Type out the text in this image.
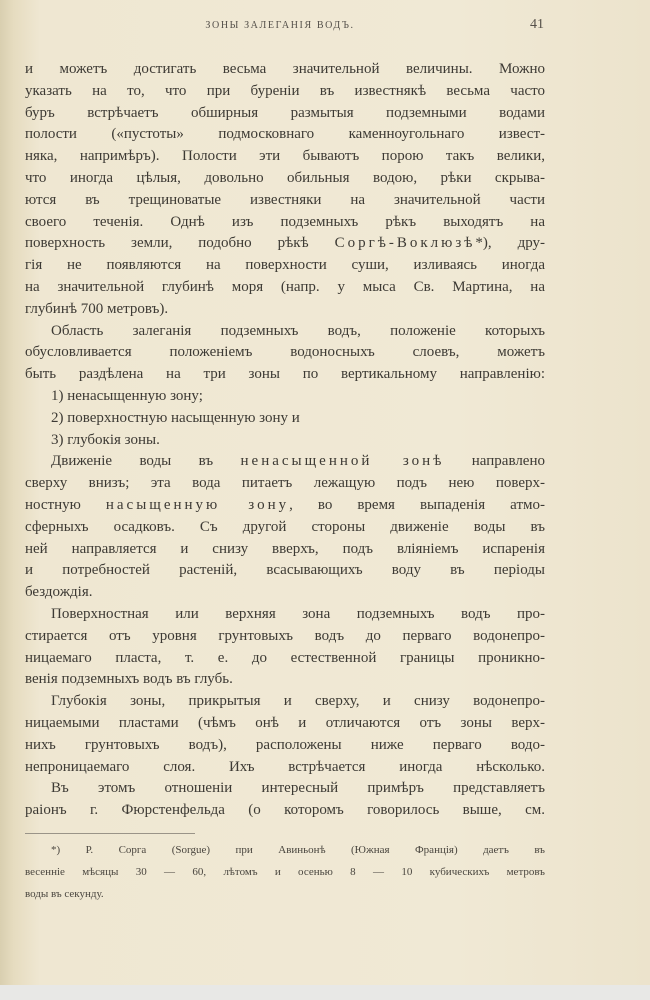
ЗОНЫ ЗАЛЕГАНІЯ ВОДЪ.	41
и можетъ достигать весьма значительной величины. Можно
указать на то, что при буреніи въ известнякѣ весьма часто
буръ встрѣчаетъ обширныя размытыя подземными водами
полости («пустоты» подмосковнаго каменноугольнаго извест-
няка, напримѣръ). Полости эти бываютъ порою такъ велики,
что иногда цѣлыя, довольно обильныя водою, рѣки скрыва-
ются въ трещиноватые известняки на значительной части
своего теченія. Однѣ изъ подземныхъ рѣкъ выходятъ на
поверхность земли, подобно рѣкѣ Соргѣ-Воклюзѣ*), дру-
гія не появляются на поверхности суши, изливаясь иногда
на значительной глубинѣ моря (напр. у мыса Св. Мартина, на
глубинѣ 700 метровъ).
Область залеганія подземныхъ водъ, положеніе которыхъ
обусловливается положеніемъ водоносныхъ слоевъ, можетъ
быть раздѣлена на три зоны по вертикальному направленію:
1) ненасыщенную зону;
2) поверхностную насыщенную зону и
3) глубокія зоны.
Движеніе воды въ ненасыщенной зонѣ направлено
сверху внизъ; эта вода питаетъ лежащую подъ нею поверх-
ностную насыщенную зону, во время выпаденія атмо-
сферныхъ осадковъ. Съ другой стороны движеніе воды въ
ней направляется и снизу вверхъ, подъ вліяніемъ испаренія
и потребностей растеній, всасывающихъ воду въ періоды
бездождія.
Поверхностная или верхняя зона подземныхъ водъ про-
стирается отъ уровня грунтовыхъ водъ до перваго водонепро-
ницаемаго пласта, т. е. до естественной границы проникно-
венія подземныхъ водъ въ глубь.
Глубокія зоны, прикрытыя и сверху, и снизу водонепро-
ницаемыми пластами (чѣмъ онѣ и отличаются отъ зоны верх-
нихъ грунтовыхъ водъ), расположены ниже перваго водо-
непроницаемаго слоя. Ихъ встрѣчается иногда нѣсколько.
Въ этомъ отношеніи интересный примѣръ представляетъ
раіонъ г. Фюрстенфельда (о которомъ говорилось выше, см.
*) Р. Сорга (Sorgue) при Авиньонѣ (Южная Франція) даетъ въ
весеннiе мѣсяцы 30 — 60, лѣтомъ и осенью 8 — 10 кубическихъ метровъ
воды въ секунду.
